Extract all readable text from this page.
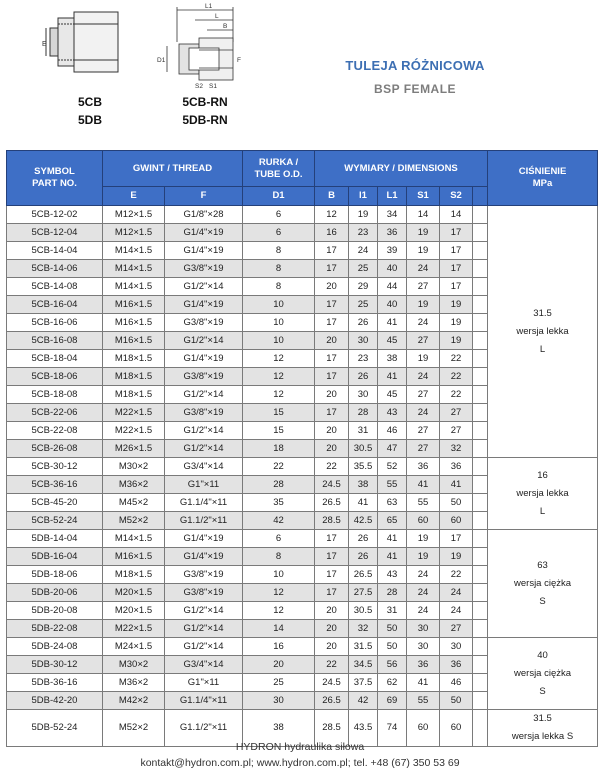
E
5CB
5DB
L1
L
B
D1
S2 S1
F
5CB-RN
5DB-RN
TULEJA RÓŻNICOWA
BSP FEMALE
SYMBOL
PART NO.	GWINT / THREAD		RURKA /
TUBE O.D.	WYMIARY / DIMENSIONS						CIŚNIENIE
MPa
	E	F	D1	B	l1	L1	S1	S2		
5CB-12-02	M12×1.5	G1/8"×28	6	12	19	34	14	14		31.5
wersja lekka
L

5CB-12-04	M12×1.5	G1/4"×19	6	16	23	36	19	17		
5CB-14-04	M14×1.5	G1/4"×19	8	17	24	39	19	17		
5CB-14-06	M14×1.5	G3/8"×19	8	17	25	40	24	17		
5CB-14-08	M14×1.5	G1/2"×14	8	20	29	44	27	17		
5CB-16-04	M16×1.5	G1/4"×19	10	17	25	40	19	19		
5CB-16-06	M16×1.5	G3/8"×19	10	17	26	41	24	19		
5CB-16-08	M16×1.5	G1/2"×14	10	20	30	45	27	19		
5CB-18-04	M18×1.5	G1/4"×19	12	17	23	38	19	22		
5CB-18-06	M18×1.5	G3/8"×19	12	17	26	41	24	22		
5CB-18-08	M18×1.5	G1/2"×14	12	20	30	45	27	22		
5CB-22-06	M22×1.5	G3/8"×19	15	17	28	43	24	27		
5CB-22-08	M22×1.5	G1/2"×14	15	20	31	46	27	27		
5CB-26-08	M26×1.5	G1/2"×14	18	20	30.5	47	27	32		
5CB-30-12	M30×2	G3/4"×14	22	22	35.5	52	36	36		16
wersja lekka
L

5CB-36-16	M36×2	G1"×11	28	24.5	38	55	41	41		
5CB-45-20	M45×2	G1.1/4"×11	35	26.5	41	63	55	50		
5CB-52-24	M52×2	G1.1/2"×11	42	28.5	42.5	65	60	60		
5DB-14-04	M14×1.5	G1/4"×19	6	17	26	41	19	17		63
wersja ciężka
S

5DB-16-04	M16×1.5	G1/4"×19	8	17	26	41	19	19		
5DB-18-06	M18×1.5	G3/8"×19	10	17	26.5	43	24	22		
5DB-20-06	M20×1.5	G3/8"×19	12	17	27.5	28	24	24		
5DB-20-08	M20×1.5	G1/2"×14	12	20	30.5	31	24	24		
5DB-22-08	M22×1.5	G1/2"×14	14	20	32	50	30	27		
5DB-24-08	M24×1.5	G1/2"×14	16	20	31.5	50	30	30		40
wersja ciężka
S

5DB-30-12	M30×2	G3/4"×14	20	22	34.5	56	36	36		
5DB-36-16	M36×2	G1"×11	25	24.5	37.5	62	41	46		
5DB-42-20	M42×2	G1.1/4"×11	30	26.5	42	69	55	50		
5DB-52-24	M52×2	G1.1/2"×11	38	28.5	43.5	74	60	60		31.5
wersja lekka S
HYDRON hydraulika siłowa
kontakt@hydron.com.pl; www.hydron.com.pl; tel. +48 (67) 350 53 69
